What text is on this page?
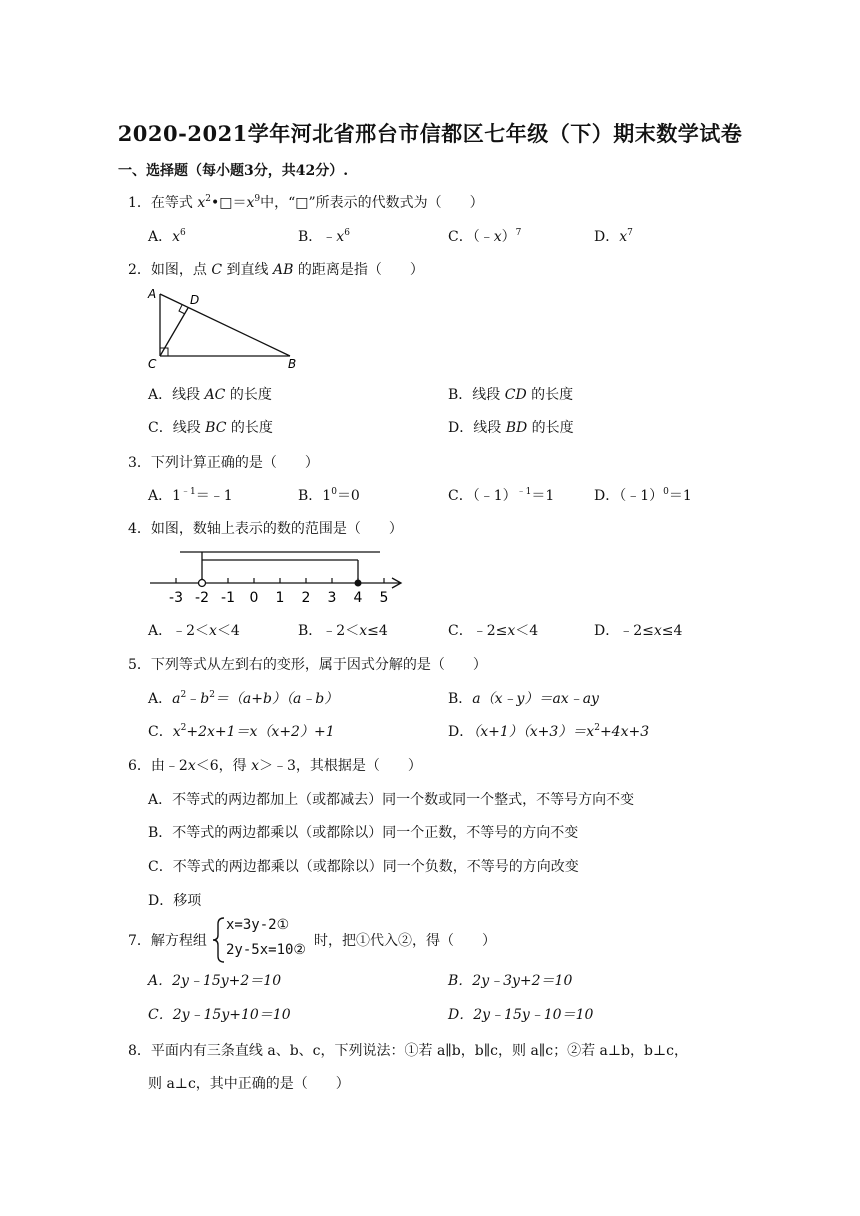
2020-2021学年河北省邢台市信都区七年级（下）期末数学试卷
一、选择题（每小题3分，共42分）.
1．在等式 $x^2•□=x^9$中，“□”所表示的代数式为（　　）
A．$x^6$	B．$﹣x^6$	C．（﹣x）$^7$	D．$x^7$
2．如图，点 C 到直线 AB 的距离是指（　　）
A	D
C	B
A．线段 AC 的长度	B．线段 CD 的长度
C．线段 BC 的长度	D．线段 BD 的长度
3．下列计算正确的是（　　）
A．$1^{﹣1}=﹣1$	B．$1^0=0$	C．（﹣1）$^{﹣1}$＝1	D．（﹣1）$^0$＝1
4．如图，数轴上表示的数的范围是（　　）
-3 -2 -1 0 1 2 3 4 5
A．﹣2＜x＜4	B．﹣2＜x≤4	C．﹣2≤x＜4	D．﹣2≤x≤4
5．下列等式从左到右的变形，属于因式分解的是（　　）
A．$a^2﹣b^2=(a+b)(a﹣b)$	B．a（x﹣y）＝ax﹣ay
C．$x^2+2x+1=x(x+2)+1$	D．$(x+1)(x+3)=x^2+4x+3$
6．由﹣2x＜6，得 x＞﹣3，其根据是（　　）
A．不等式的两边都加上（或都减去）同一个数或同一个整式，不等号方向不变
B．不等式的两边都乘以（或都除以）同一个正数，不等号的方向不变
C．不等式的两边都乘以（或都除以）同一个负数，不等号的方向改变
D．移项
7．解方程组
x=3y-2①
2y-5x=10②
时，把①代入②，得（　　）
A．2y﹣15y+2＝10	B．2y﹣3y+2＝10
C．2y﹣15y+10＝10	D．2y﹣15y﹣10＝10
8．平面内有三条直线 a、b、c，下列说法：①若 a∥b，b∥c，则 a∥c；②若 a⊥b，b⊥c，
则 a⊥c，其中正确的是（　　）
